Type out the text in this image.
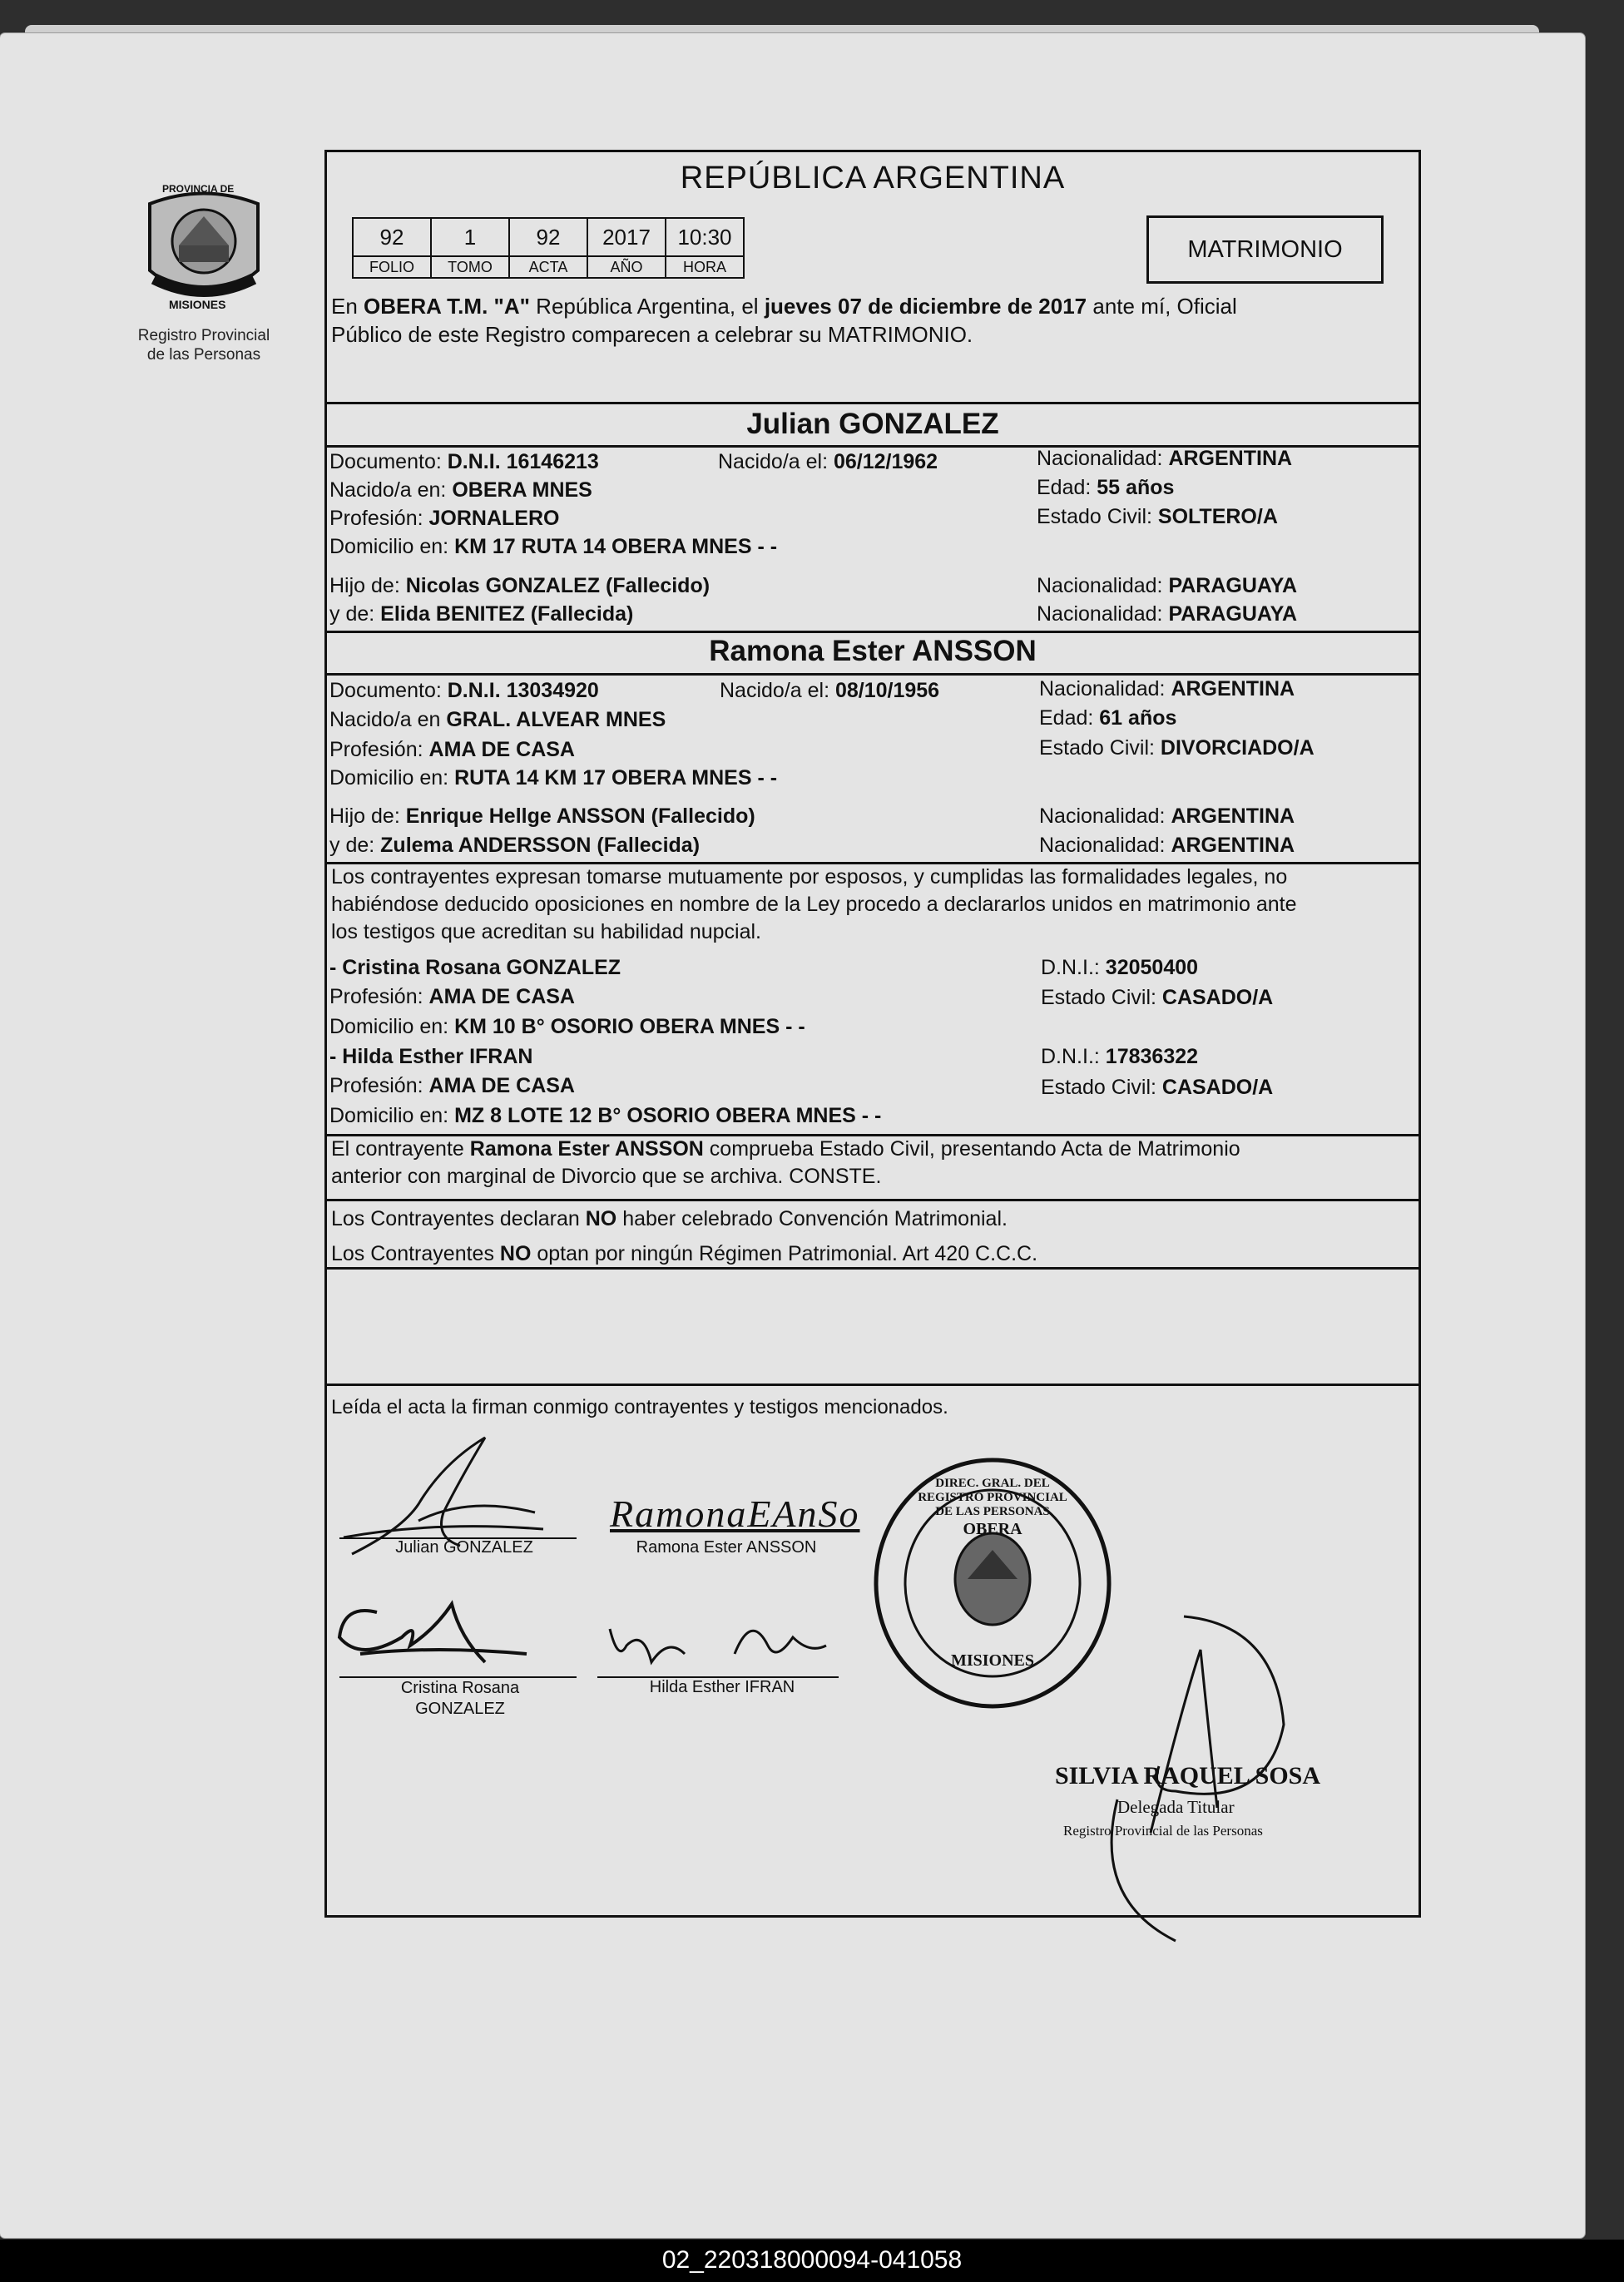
Registro Provincial
de las Personas
PROVINCIA DE
MISIONES
REPÚBLICA ARGENTINA
92	1	92	2017	10:30
FOLIO	TOMO	ACTA	AÑO	HORA
MATRIMONIO
En OBERA T.M. "A" República Argentina, el jueves 07 de diciembre de 2017 ante mí, Oficial
Público de este Registro comparecen a celebrar su MATRIMONIO.
Julian GONZALEZ
Documento: D.N.I. 16146213	Nacido/a el: 06/12/1962	Nacionalidad: ARGENTINA
Nacido/a en: OBERA MNES	Edad: 55 años
Profesión: JORNALERO	Estado Civil: SOLTERO/A
Domicilio en: KM 17 RUTA 14 OBERA MNES - -
Hijo de: Nicolas GONZALEZ (Fallecido)	Nacionalidad: PARAGUAYA
y de: Elida BENITEZ (Fallecida)	Nacionalidad: PARAGUAYA
Ramona Ester ANSSON
Documento: D.N.I. 13034920	Nacido/a el: 08/10/1956	Nacionalidad: ARGENTINA
Nacido/a en GRAL. ALVEAR MNES	Edad: 61 años
Profesión: AMA DE CASA	Estado Civil: DIVORCIADO/A
Domicilio en: RUTA 14 KM 17 OBERA MNES - -
Hijo de: Enrique Hellge ANSSON (Fallecido)	Nacionalidad: ARGENTINA
y de: Zulema ANDERSSON (Fallecida)	Nacionalidad: ARGENTINA
Los contrayentes expresan tomarse mutuamente por esposos, y cumplidas las formalidades legales, no
habiéndose deducido oposiciones en nombre de la Ley procedo a declararlos unidos en matrimonio ante
los testigos que acreditan su habilidad nupcial.
- Cristina Rosana GONZALEZ	D.N.I.: 32050400
Profesión: AMA DE CASA	Estado Civil: CASADO/A
Domicilio en: KM 10 B° OSORIO OBERA MNES - -
- Hilda Esther IFRAN	D.N.I.: 17836322
Profesión: AMA DE CASA	Estado Civil: CASADO/A
Domicilio en: MZ 8 LOTE 12 B° OSORIO OBERA MNES - -
El contrayente Ramona Ester ANSSON comprueba Estado Civil, presentando Acta de Matrimonio
anterior con marginal de Divorcio que se archiva. CONSTE.
Los Contrayentes declaran NO haber celebrado Convención Matrimonial.
Los Contrayentes NO optan por ningún Régimen Patrimonial. Art 420 C.C.C.
Leída el acta la firman conmigo contrayentes y testigos mencionados.
Julian GONZALEZ
RamonaEAnSo
Ramona Ester ANSSON
Cristina Rosana
GONZALEZ
Hilda Esther IFRAN
DIREC. GRAL. DEL REGISTRO PROVINCIAL DE LAS PERSONAS
OBERA
MISIONES
SILVIA RAQUEL SOSA
Delegada Titular
Registro Provincial de las Personas
02_220318000094-041058
